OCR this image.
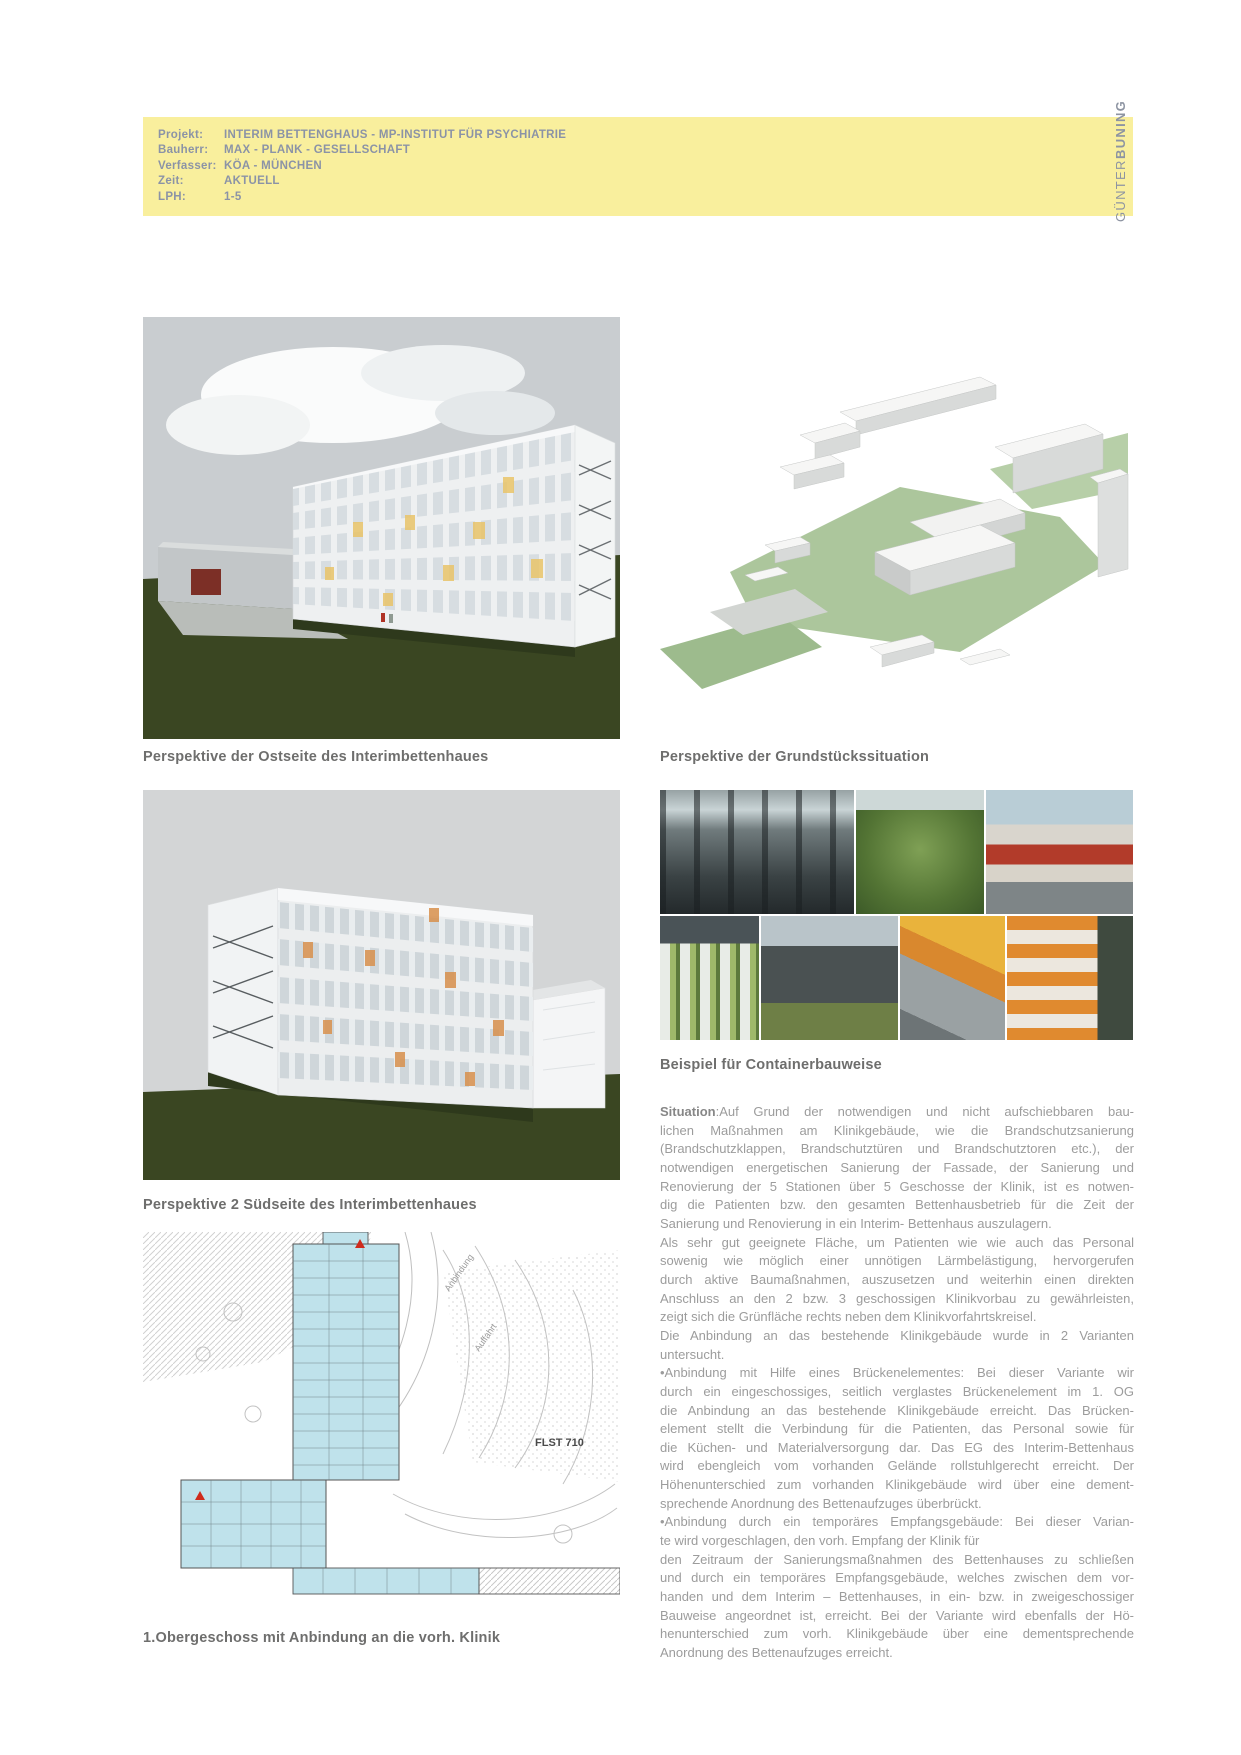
Projekt:	INTERIM BETTENGHAUS - MP-INSTITUT FÜR PSYCHIATRIE
Bauherr:	MAX - PLANK - GESELLSCHAFT
Verfasser: KÖA - MÜNCHEN
Zeit:	AKTUELL
LPH:	1-5	GÜNTER
BUNING
Perspektive der Ostseite des Interimbettenhaues	Perspektive der Grundstückssituation
Beispiel für Containerbauweise
Situation:Auf Grund der notwendigen und nicht aufschiebbaren bau-
lichen Maßnahmen am Klinikgebäude, wie die Brandschutzsanierung
(Brandschutzklappen, Brandschutztüren und Brandschutztoren etc.), der
notwendigen energetischen Sanierung der Fassade, der Sanierung und
Renovierung der 5 Stationen über 5 Geschosse der Klinik, ist es notwen-
dig die Patienten bzw. den gesamten Bettenhausbetrieb für die Zeit der
Sanierung und Renovierung in ein Interim- Bettenhaus auszulagern.
Als sehr gut geeignete Fläche, um Patienten wie wie auch das Personal
sowenig wie möglich einer unnötigen Lärmbelästigung, hervorgerufen
durch aktive Baumaßnahmen, auszusetzen und weiterhin einen direkten
Anschluss an den 2 bzw. 3 geschossigen Klinikvorbau zu gewährleisten,
zeigt sich die Grünfläche rechts neben dem Klinikvorfahrtskreisel.
Die Anbindung an das bestehende Klinikgebäude wurde in 2 Varianten
untersucht.
•Anbindung mit Hilfe eines Brückenelementes: Bei dieser Variante wir
durch ein eingeschossiges, seitlich verglastes Brückenelement im 1. OG
die Anbindung an das bestehende Klinikgebäude erreicht. Das Brücken-
element stellt die Verbindung für die Patienten, das Personal sowie für
die Küchen- und Materialversorgung dar. Das EG des Interim-Bettenhaus
wird ebengleich vom vorhanden Gelände rollstuhlgerecht erreicht. Der
Höhenunterschied zum vorhanden Klinikgebäude wird über eine dement-
sprechende Anordnung des Bettenaufzuges überbrückt.
•Anbindung durch ein temporäres Empfangsgebäude: Bei dieser Varian-
te wird vorgeschlagen, den vorh. Empfang der Klinik für
den Zeitraum der Sanierungsmaßnahmen des Bettenhauses zu schließen
und durch ein temporäres Empfangsgebäude, welches zwischen dem vor-
handen und dem Interim – Bettenhauses, in ein- bzw. in zweigeschossiger
Bauweise angeordnet ist, erreicht. Bei der Variante wird ebenfalls der Hö-
henunterschied zum vorh. Klinikgebäude über eine dementsprechende
Anordnung des Bettenaufzuges erreicht.
Perspektive 2 Südseite des Interimbettenhaues
FLST 710
Anbindung
Auffahrt
1.Obergeschoss mit Anbindung an die vorh. Klinik
